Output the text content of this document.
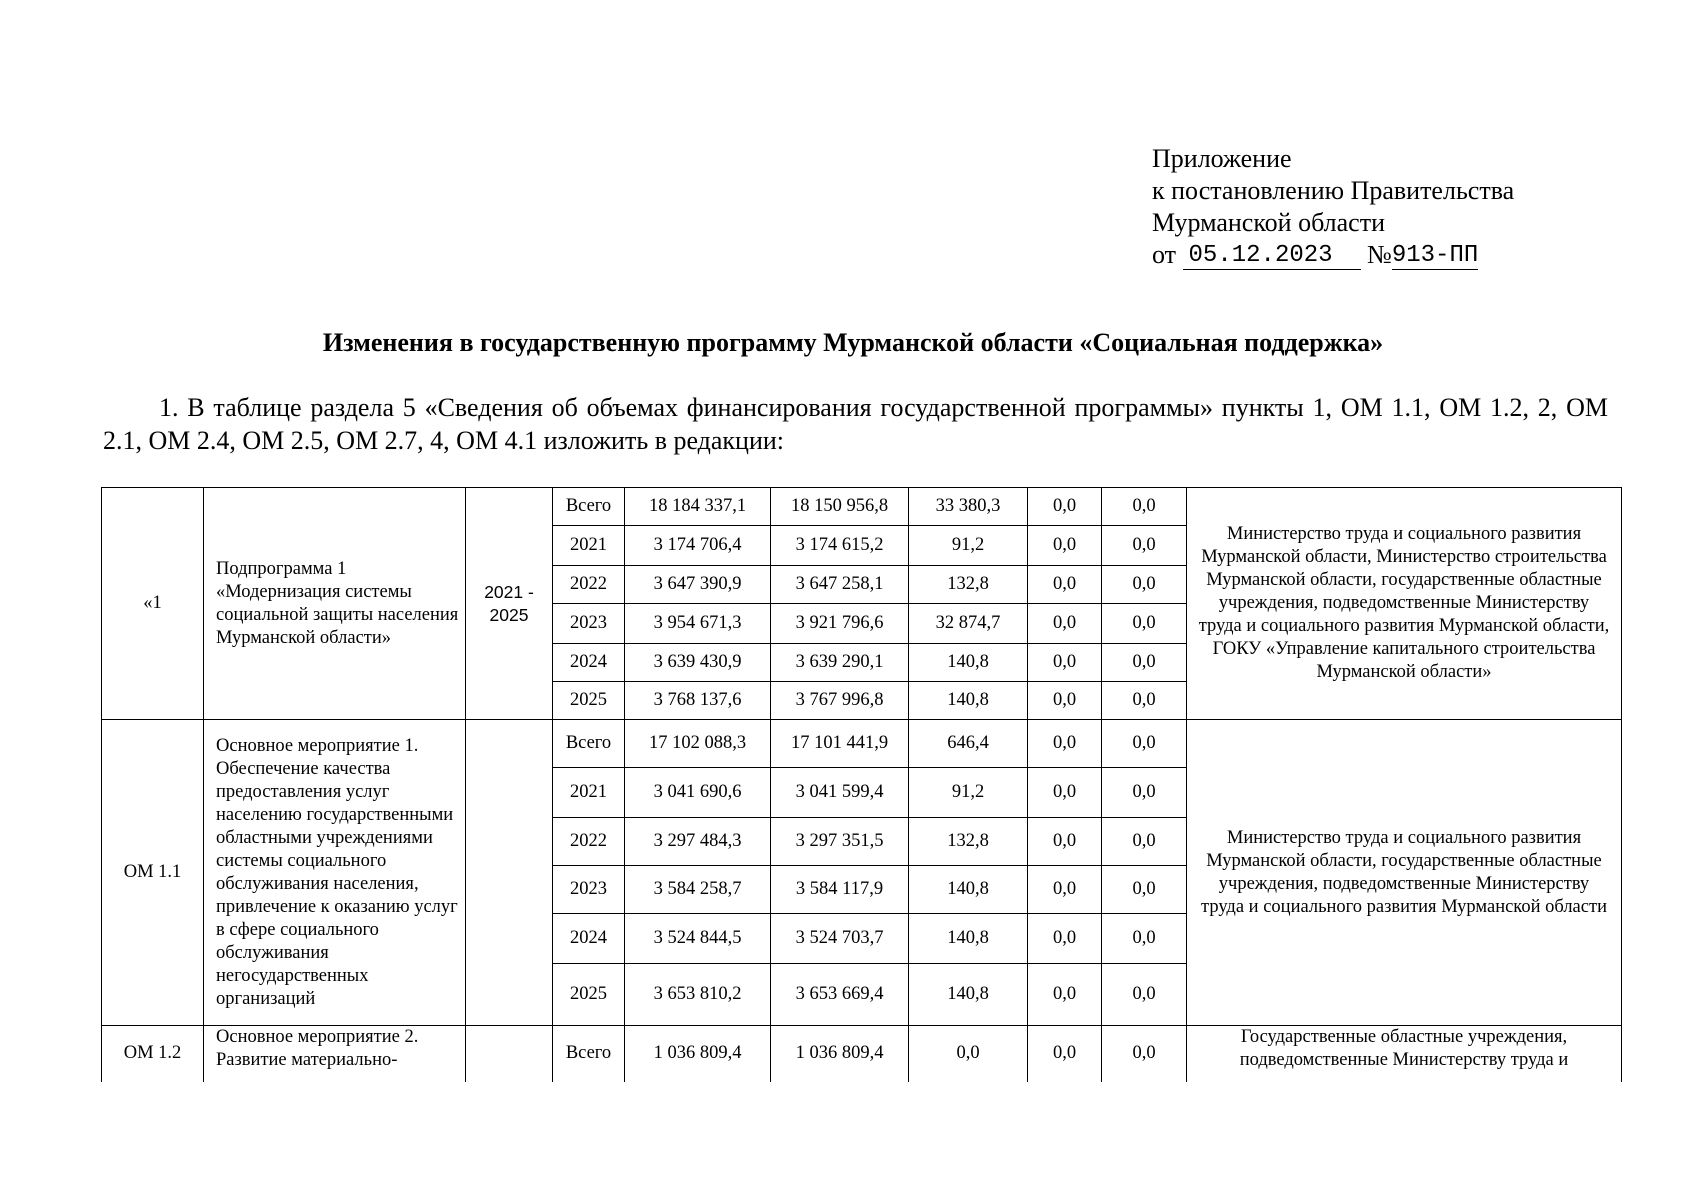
Приложение
к постановлению Правительства
Мурманской области
от 05.12.2023 №913-ПП
Изменения в государственную программу Мурманской области «Социальная поддержка»

1. В таблице раздела 5 «Сведения об объемах финансирования государственной программы» пункты 1, ОМ 1.1, ОМ 1.2, 2, ОМ 2.1, ОМ 2.4, ОМ 2.5, ОМ 2.7, 4, ОМ 4.1 изложить в редакции:

«1	Подпрограмма 1 «Модернизация системы социальной защиты населения Мурманской области»	2021 - 2025	Всего	18 184 337,1	18 150 956,8	33 380,3	0,0	0,0	Министерство труда и социального развития Мурманской области, Министерство строительства Мурманской области, государственные областные учреждения, подведомственные Министерству труда и социального развития Мурманской области, ГОКУ «Управление капитального строительства Мурманской области»
			2021	3 174 706,4	3 174 615,2	91,2	0,0	0,0	
			2022	3 647 390,9	3 647 258,1	132,8	0,0	0,0	
			2023	3 954 671,3	3 921 796,6	32 874,7	0,0	0,0	
			2024	3 639 430,9	3 639 290,1	140,8	0,0	0,0	
			2025	3 768 137,6	3 767 996,8	140,8	0,0	0,0	
ОМ 1.1	Основное мероприятие 1. Обеспечение качества предоставления услуг населению государственными областными учреждениями системы социального обслуживания населения, привлечение к оказанию услуг в сфере социального обслуживания негосударственных организаций		Всего	17 102 088,3	17 101 441,9	646,4	0,0	0,0	Министерство труда и социального развития Мурманской области, государственные областные учреждения, подведомственные Министерству труда и социального развития Мурманской области
			2021	3 041 690,6	3 041 599,4	91,2	0,0	0,0	
			2022	3 297 484,3	3 297 351,5	132,8	0,0	0,0	
			2023	3 584 258,7	3 584 117,9	140,8	0,0	0,0	
			2024	3 524 844,5	3 524 703,7	140,8	0,0	0,0	
			2025	3 653 810,2	3 653 669,4	140,8	0,0	0,0	
ОМ 1.2	Основное мероприятие 2. Развитие материально-		Всего	1 036 809,4	1 036 809,4	0,0	0,0	0,0	Государственные областные учреждения, подведомственные Министерству труда и
